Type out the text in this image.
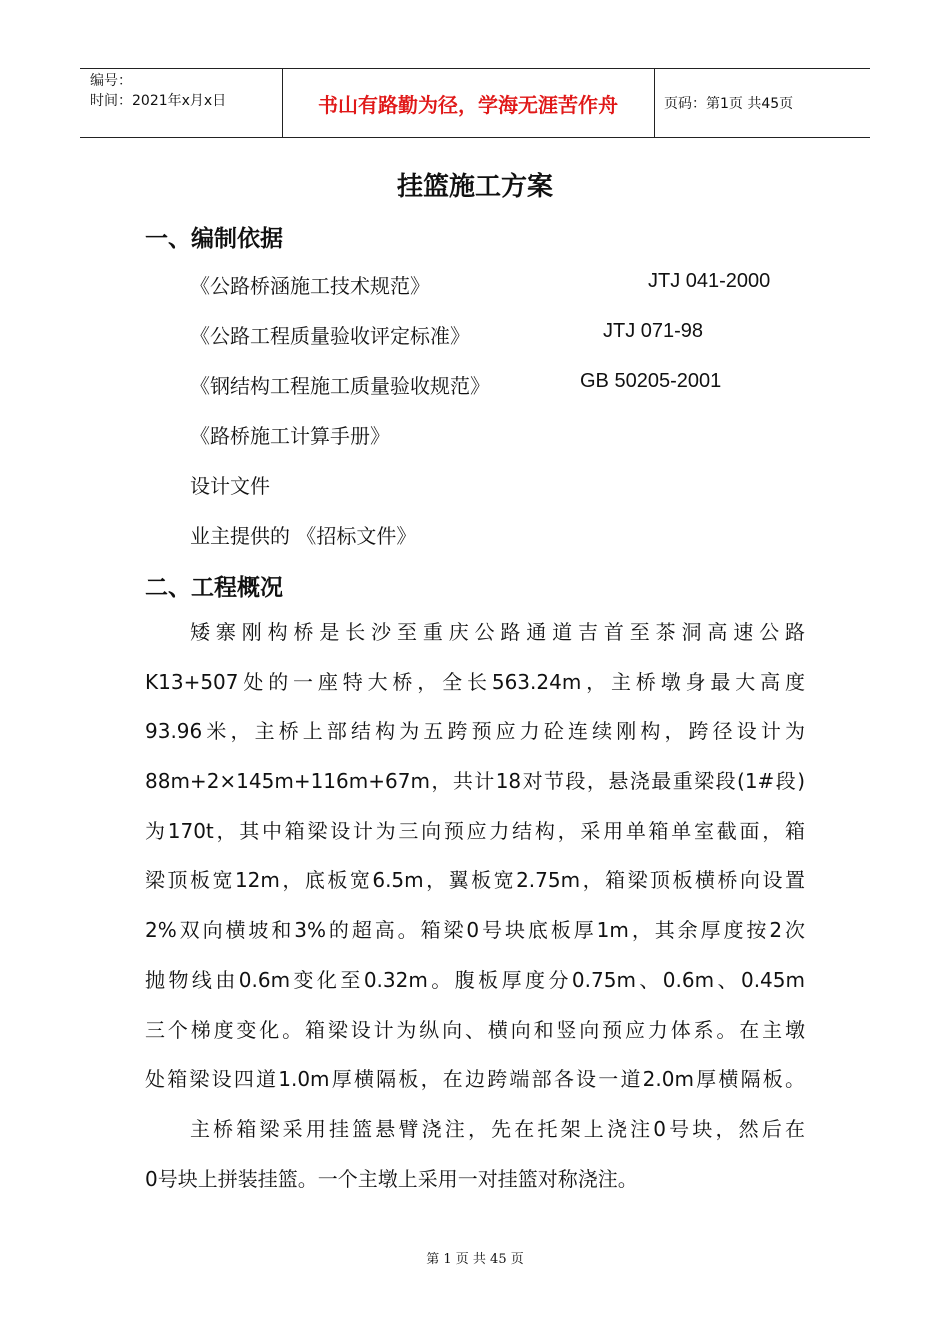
编号：
时间：2021年x月x日	书山有路勤为径，学海无涯苦作舟	页码：第1页 共45页
挂篮施工方案
一、编制依据
《公路桥涵施工技术规范》	JTJ 041-2000
《公路工程质量验收评定标准》	JTJ 071-98
《钢结构工程施工质量验收规范》	GB 50205-2001
《路桥施工计算手册》
设计文件
业主提供的 《招标文件》
二、工程概况
矮寨刚构桥是长沙至重庆公路通道吉首至茶洞高速公路
K13+507处的一座特大桥，全长563.24m，主桥墩身最大高度
93.96米，主桥上部结构为五跨预应力砼连续刚构，跨径设计为
88m+2×145m+116m+67m，共计18对节段，悬浇最重梁段(1#段)
为170t，其中箱梁设计为三向预应力结构，采用单箱单室截面，箱
梁顶板宽12m，底板宽6.5m，翼板宽2.75m，箱梁顶板横桥向设置
2%双向横坡和3%的超高。箱梁0号块底板厚1m，其余厚度按2次
抛物线由0.6m变化至0.32m。腹板厚度分0.75m、0.6m、0.45m
三个梯度变化。箱梁设计为纵向、横向和竖向预应力体系。在主墩
处箱梁设四道1.0m厚横隔板，在边跨端部各设一道2.0m厚横隔板。
主桥箱梁采用挂篮悬臂浇注，先在托架上浇注0号块，然后在
0号块上拼装挂篮。一个主墩上采用一对挂篮对称浇注。
第 1 页 共 45 页
